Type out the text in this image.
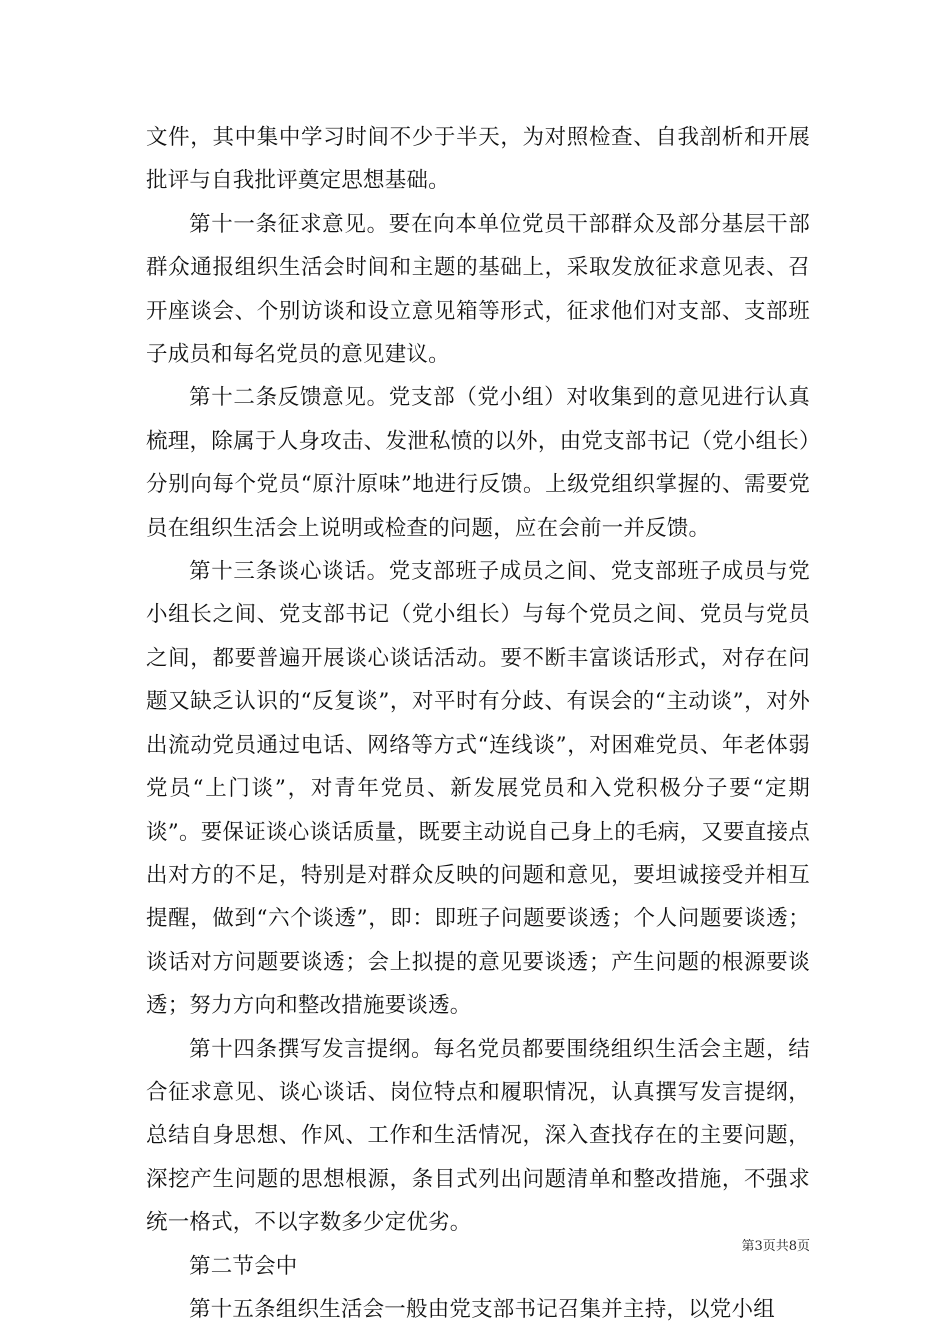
文件，其中集中学习时间不少于半天，为对照检查、自我剖析和开展批评与自我批评奠定思想基础。

第十一条征求意见。要在向本单位党员干部群众及部分基层干部群众通报组织生活会时间和主题的基础上，采取发放征求意见表、召开座谈会、个别访谈和设立意见箱等形式，征求他们对支部、支部班子成员和每名党员的意见建议。

第十二条反馈意见。党支部（党小组）对收集到的意见进行认真梳理，除属于人身攻击、发泄私愤的以外，由党支部书记（党小组长）分别向每个党员“原汁原味”地进行反馈。上级党组织掌握的、需要党员在组织生活会上说明或检查的问题，应在会前一并反馈。

第十三条谈心谈话。党支部班子成员之间、党支部班子成员与党小组长之间、党支部书记（党小组长）与每个党员之间、党员与党员之间，都要普遍开展谈心谈话活动。要不断丰富谈话形式，对存在问题又缺乏认识的“反复谈”，对平时有分歧、有误会的“主动谈”，对外出流动党员通过电话、网络等方式“连线谈”，对困难党员、年老体弱党员“上门谈”，对青年党员、新发展党员和入党积极分子要“定期谈”。要保证谈心谈话质量，既要主动说自己身上的毛病，又要直接点出对方的不足，特别是对群众反映的问题和意见，要坦诚接受并相互提醒，做到“六个谈透”，即：即班子问题要谈透；个人问题要谈透；谈话对方问题要谈透；会上拟提的意见要谈透；产生问题的根源要谈透；努力方向和整改措施要谈透。

第十四条撰写发言提纲。每名党员都要围绕组织生活会主题，结合征求意见、谈心谈话、岗位特点和履职情况，认真撰写发言提纲，总结自身思想、作风、工作和生活情况，深入查找存在的主要问题，深挖产生问题的思想根源，条目式列出问题清单和整改措施，不强求统一格式，不以字数多少定优劣。

第二节会中

第十五条组织生活会一般由党支部书记召集并主持，以党小组

第3页共8页
